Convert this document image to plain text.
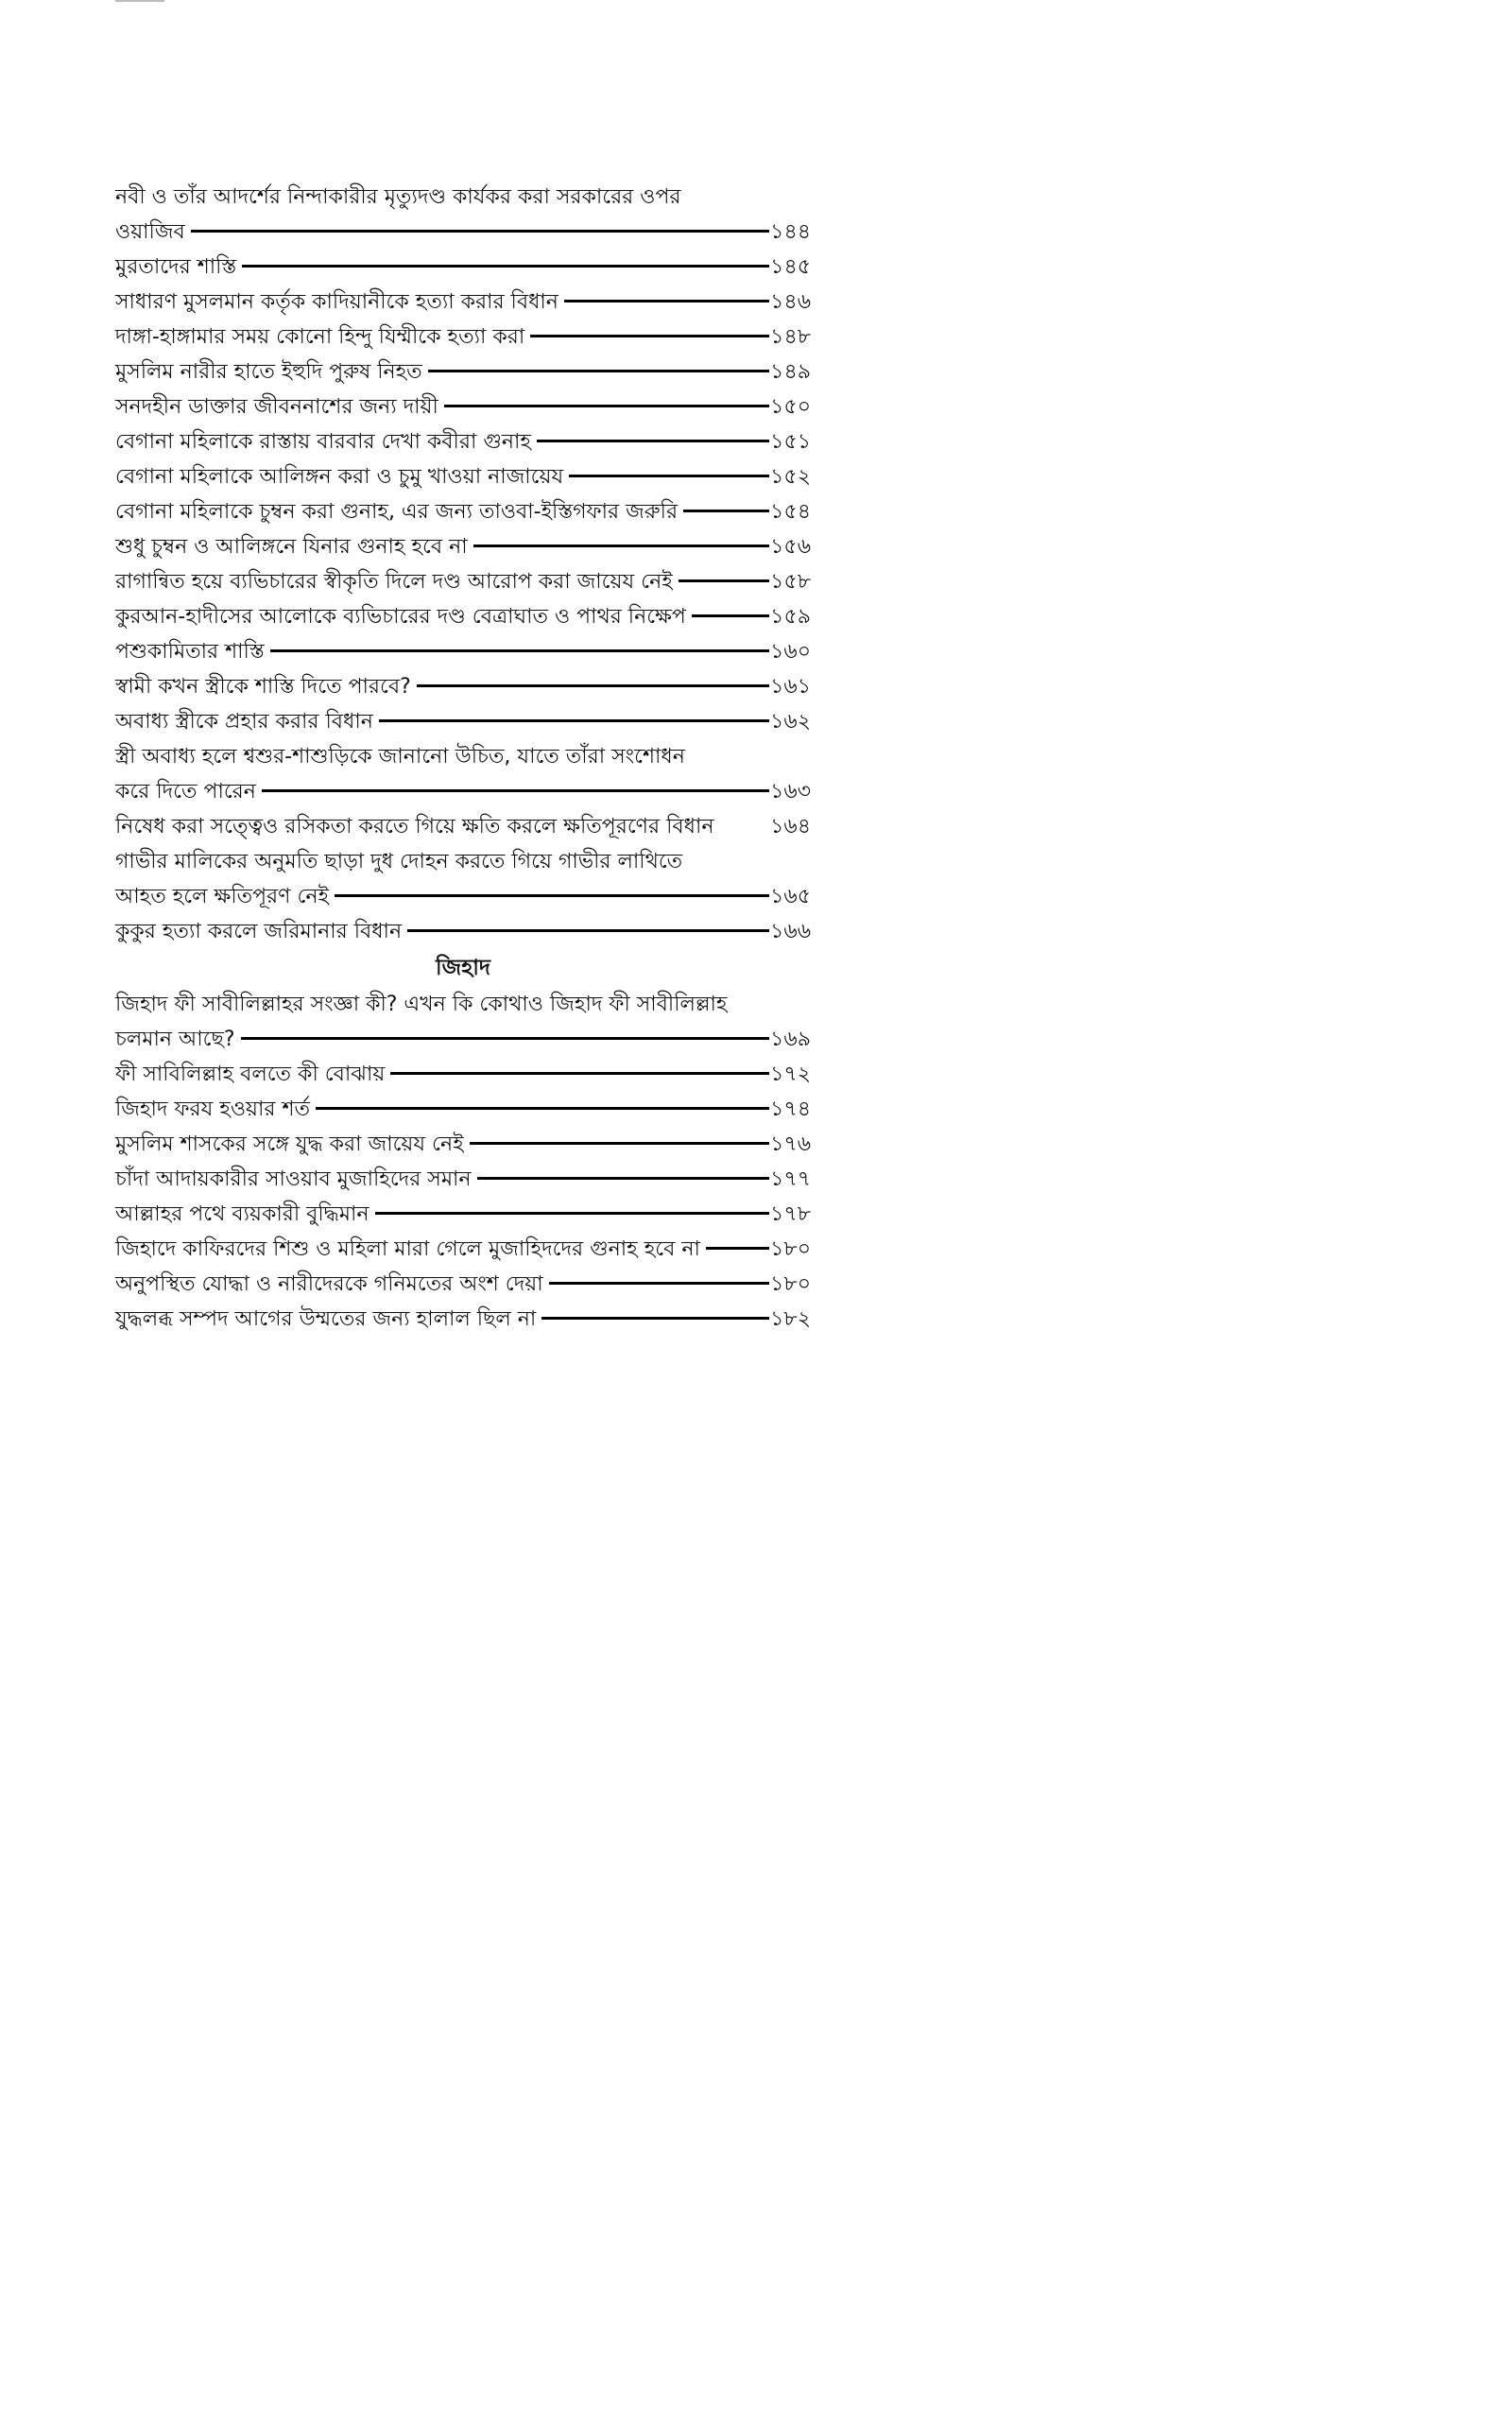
নবী ও তাঁর আদর্শের নিন্দাকারীর মৃত্যুদণ্ড কার্যকর করা সরকারের ওপর
ওয়াজিব	১৪৪
মুরতাদের শাস্তি	১৪৫
সাধারণ মুসলমান কর্তৃক কাদিয়ানীকে হত্যা করার বিধান	১৪৬
দাঙ্গা-হাঙ্গামার সময় কোনো হিন্দু যিম্মীকে হত্যা করা	১৪৮
মুসলিম নারীর হাতে ইহুদি পুরুষ নিহত	১৪৯
সনদহীন ডাক্তার জীবননাশের জন্য দায়ী	১৫০
বেগানা মহিলাকে রাস্তায় বারবার দেখা কবীরা গুনাহ	১৫১
বেগানা মহিলাকে আলিঙ্গন করা ও চুমু খাওয়া নাজায়েয	১৫২
বেগানা মহিলাকে চুম্বন করা গুনাহ, এর জন্য তাওবা-ইস্তিগফার জরুরি	১৫৪
শুধু চুম্বন ও আলিঙ্গনে যিনার গুনাহ হবে না	১৫৬
রাগান্বিত হয়ে ব্যভিচারের স্বীকৃতি দিলে দণ্ড আরোপ করা জায়েয নেই	১৫৮
কুরআন-হাদীসের আলোকে ব্যভিচারের দণ্ড বেত্রাঘাত ও পাথর নিক্ষেপ	১৫৯
পশুকামিতার শাস্তি	১৬০
স্বামী কখন স্ত্রীকে শাস্তি দিতে পারবে?	১৬১
অবাধ্য স্ত্রীকে প্রহার করার বিধান	১৬২
স্ত্রী অবাধ্য হলে শ্বশুর-শাশুড়িকে জানানো উচিত, যাতে তাঁরা সংশোধন
করে দিতে পারেন	১৬৩
নিষেধ করা সত্ত্বেও রসিকতা করতে গিয়ে ক্ষতি করলে ক্ষতিপূরণের বিধান	১৬৪
গাভীর মালিকের অনুমতি ছাড়া দুধ দোহন করতে গিয়ে গাভীর লাথিতে
আহত হলে ক্ষতিপূরণ নেই	১৬৫
কুকুর হত্যা করলে জরিমানার বিধান	১৬৬
জিহাদ
জিহাদ ফী সাবীলিল্লাহর সংজ্ঞা কী? এখন কি কোথাও জিহাদ ফী সাবীলিল্লাহ
চলমান আছে?	১৬৯
ফী সাবিলিল্লাহ বলতে কী বোঝায়	১৭২
জিহাদ ফরয হওয়ার শর্ত	১৭৪
মুসলিম শাসকের সঙ্গে যুদ্ধ করা জায়েয নেই	১৭৬
চাঁদা আদায়কারীর সাওয়াব মুজাহিদের সমান	১৭৭
আল্লাহর পথে ব্যয়কারী বুদ্ধিমান	১৭৮
জিহাদে কাফিরদের শিশু ও মহিলা মারা গেলে মুজাহিদদের গুনাহ হবে না	১৮০
অনুপস্থিত যোদ্ধা ও নারীদেরকে গনিমতের অংশ দেয়া	১৮০
যুদ্ধলব্ধ সম্পদ আগের উম্মতের জন্য হালাল ছিল না	১৮২
